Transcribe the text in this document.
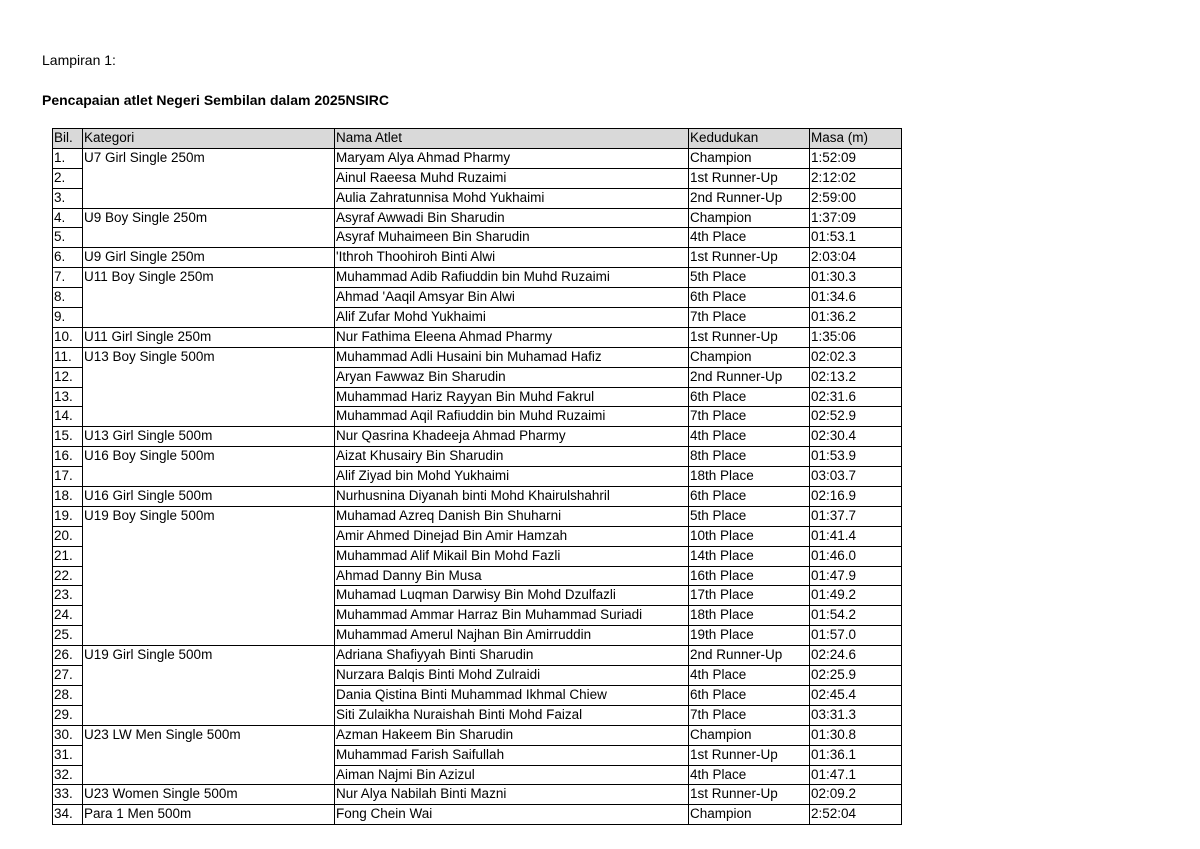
Lampiran 1:

Pencapaian atlet Negeri Sembilan dalam 2025NSIRC

Bil.	Kategori	Nama Atlet	Kedudukan	Masa (m)
1.	U7 Girl Single 250m	Maryam Alya Ahmad Pharmy	Champion	1:52:09
2.		Ainul Raeesa Muhd Ruzaimi	1st Runner-Up	2:12:02
3.		Aulia Zahratunnisa Mohd Yukhaimi	2nd Runner-Up	2:59:00
4.	U9 Boy Single 250m	Asyraf Awwadi Bin Sharudin	Champion	1:37:09
5.		Asyraf Muhaimeen Bin Sharudin	4th Place	01:53.1
6.	U9 Girl Single 250m	'Ithroh Thoohiroh Binti Alwi	1st Runner-Up	2:03:04
7.	U11 Boy Single 250m	Muhammad Adib Rafiuddin bin Muhd Ruzaimi	5th Place	01:30.3
8.		Ahmad 'Aaqil Amsyar Bin Alwi	6th Place	01:34.6
9.		Alif Zufar Mohd Yukhaimi	7th Place	01:36.2
10.	U11 Girl Single 250m	Nur Fathima Eleena Ahmad Pharmy	1st Runner-Up	1:35:06
11.	U13 Boy Single 500m	Muhammad Adli Husaini bin Muhamad Hafiz	Champion	02:02.3
12.		Aryan Fawwaz Bin Sharudin	2nd Runner-Up	02:13.2
13.		Muhammad Hariz Rayyan Bin Muhd Fakrul	6th Place	02:31.6
14.		Muhammad Aqil Rafiuddin bin Muhd Ruzaimi	7th Place	02:52.9
15.	U13 Girl Single 500m	Nur Qasrina Khadeeja Ahmad Pharmy	4th Place	02:30.4
16.	U16 Boy Single 500m	Aizat Khusairy Bin Sharudin	8th Place	01:53.9
17.		Alif Ziyad bin Mohd Yukhaimi	18th Place	03:03.7
18.	U16 Girl Single 500m	Nurhusnina Diyanah binti Mohd Khairulshahril	6th Place	02:16.9
19.	U19 Boy Single 500m	Muhamad Azreq Danish Bin Shuharni	5th Place	01:37.7
20.		Amir Ahmed Dinejad Bin Amir Hamzah	10th Place	01:41.4
21.		Muhammad Alif Mikail Bin Mohd Fazli	14th Place	01:46.0
22.		Ahmad Danny Bin Musa	16th Place	01:47.9
23.		Muhamad Luqman Darwisy Bin Mohd Dzulfazli	17th Place	01:49.2
24.		Muhammad Ammar Harraz Bin Muhammad Suriadi	18th Place	01:54.2
25.		Muhammad Amerul Najhan Bin Amirruddin	19th Place	01:57.0
26.	U19 Girl Single 500m	Adriana Shafiyyah Binti Sharudin	2nd Runner-Up	02:24.6
27.		Nurzara Balqis Binti Mohd Zulraidi	4th Place	02:25.9
28.		Dania Qistina Binti Muhammad Ikhmal Chiew	6th Place	02:45.4
29.		Siti Zulaikha Nuraishah Binti Mohd Faizal	7th Place	03:31.3
30.	U23 LW Men Single 500m	Azman Hakeem Bin Sharudin	Champion	01:30.8
31.		Muhammad Farish Saifullah	1st Runner-Up	01:36.1
32.		Aiman Najmi Bin Azizul	4th Place	01:47.1
33.	U23 Women Single 500m	Nur Alya Nabilah Binti Mazni	1st Runner-Up	02:09.2
34.	Para 1 Men 500m	Fong Chein Wai	Champion	2:52:04
